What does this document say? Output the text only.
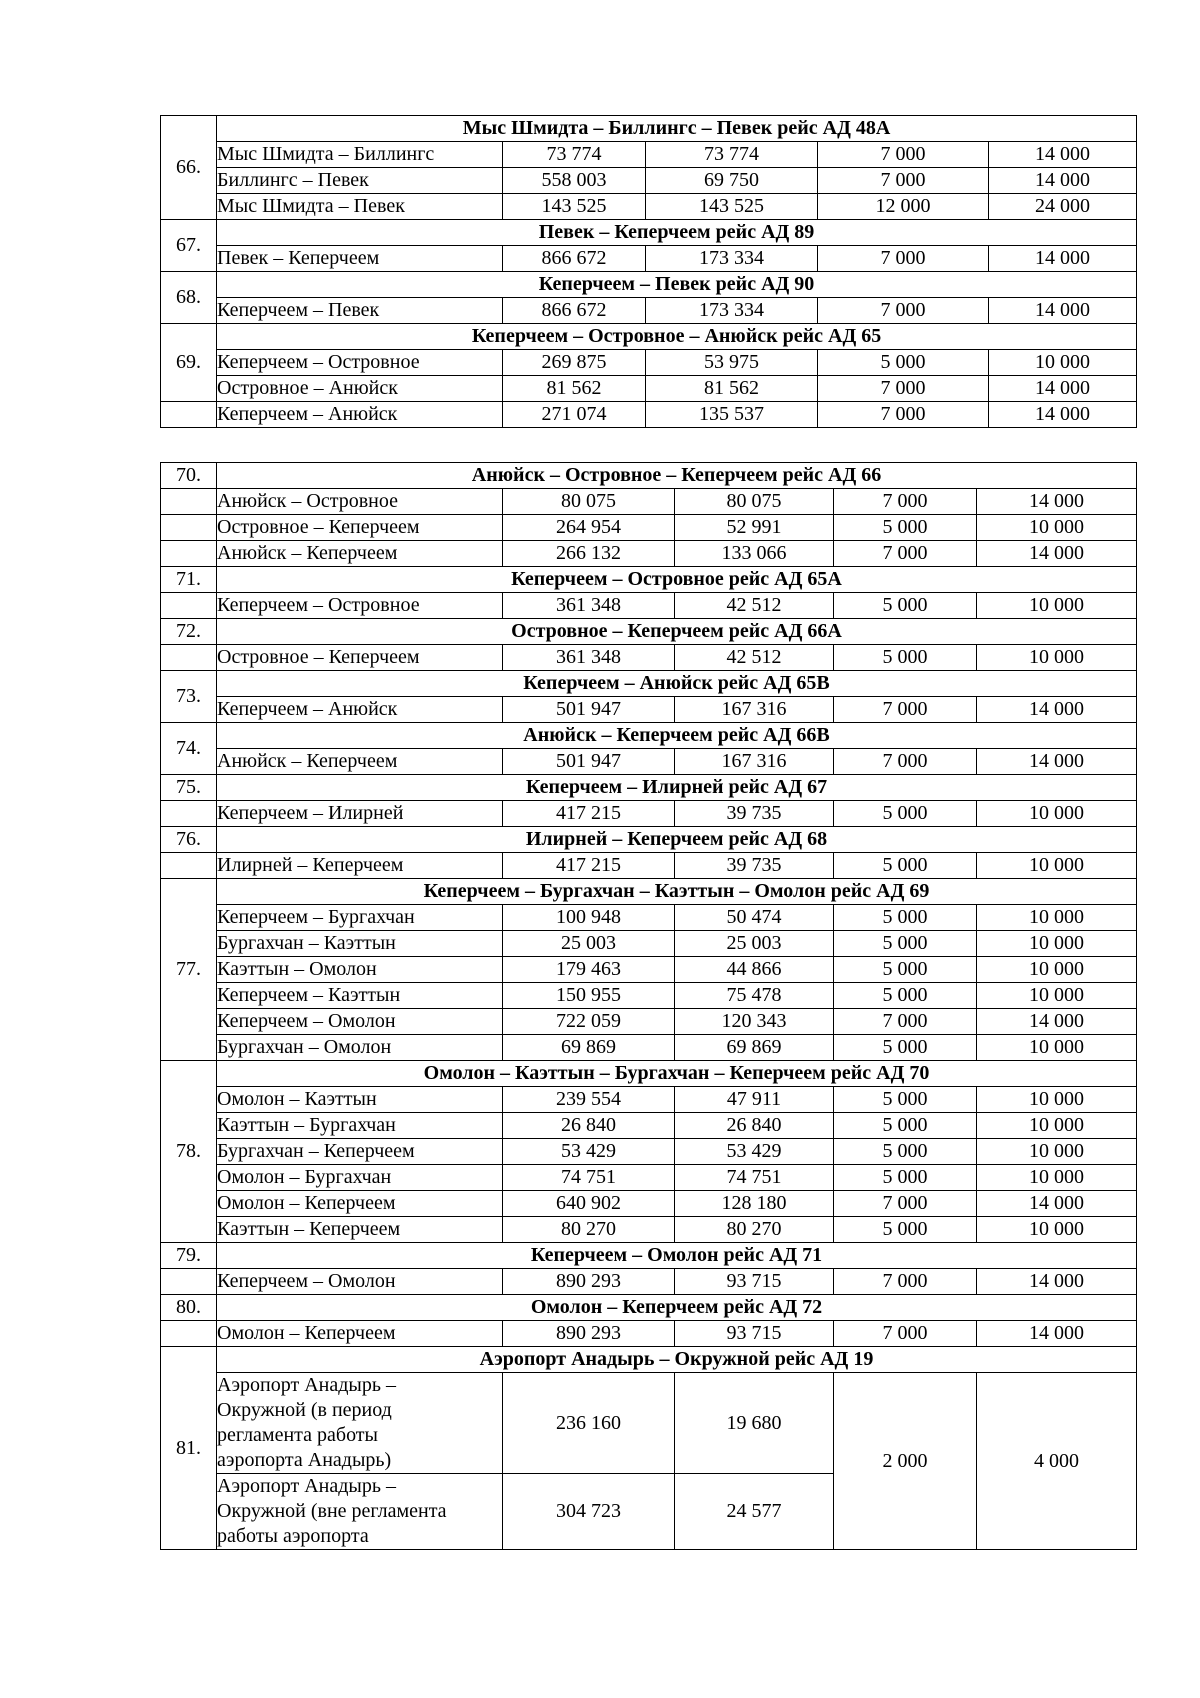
66.	Мыс Шмидта – Биллингс – Певек рейс АД 48А				
	Мыс Шмидта – Биллингс	73 774	73 774	7 000	14 000
	Биллингс – Певек	558 003	69 750	7 000	14 000
	Мыс Шмидта – Певек	143 525	143 525	12 000	24 000
67.	Певек – Кеперчеем рейс АД 89				
	Певек – Кеперчеем	866 672	173 334	7 000	14 000
68.	Кеперчеем – Певек рейс АД 90				
	Кеперчеем – Певек	866 672	173 334	7 000	14 000
69.	Кеперчеем – Островное – Анюйск рейс АД 65				
	Кеперчеем – Островное	269 875	53 975	5 000	10 000
	Островное – Анюйск	81 562	81 562	7 000	14 000
	Кеперчеем – Анюйск	271 074	135 537	7 000	14 000
70.	Анюйск – Островное – Кеперчеем рейс АД 66				
	Анюйск – Островное	80 075	80 075	7 000	14 000
	Островное – Кеперчеем	264 954	52 991	5 000	10 000
	Анюйск – Кеперчеем	266 132	133 066	7 000	14 000
71.	Кеперчеем – Островное рейс АД 65А				
	Кеперчеем – Островное	361 348	42 512	5 000	10 000
72.	Островное – Кеперчеем рейс АД 66А				
	Островное – Кеперчеем	361 348	42 512	5 000	10 000
73.	Кеперчеем – Анюйск рейс АД 65В				
	Кеперчеем – Анюйск	501 947	167 316	7 000	14 000
74.	Анюйск – Кеперчеем рейс АД 66В				
	Анюйск – Кеперчеем	501 947	167 316	7 000	14 000
75.	Кеперчеем – Илирней рейс АД 67				
	Кеперчеем – Илирней	417 215	39 735	5 000	10 000
76.	Илирней – Кеперчеем рейс АД 68				
	Илирней – Кеперчеем	417 215	39 735	5 000	10 000
77.	Кеперчеем – Бургахчан – Каэттын – Омолон рейс АД 69				
	Кеперчеем – Бургахчан	100 948	50 474	5 000	10 000
	Бургахчан – Каэттын	25 003	25 003	5 000	10 000
	Каэттын – Омолон	179 463	44 866	5 000	10 000
	Кеперчеем – Каэттын	150 955	75 478	5 000	10 000
	Кеперчеем – Омолон	722 059	120 343	7 000	14 000
	Бургахчан – Омолон	69 869	69 869	5 000	10 000
78.	Омолон – Каэттын – Бургахчан – Кеперчеем рейс АД 70				
	Омолон – Каэттын	239 554	47 911	5 000	10 000
	Каэттын – Бургахчан	26 840	26 840	5 000	10 000
	Бургахчан – Кеперчеем	53 429	53 429	5 000	10 000
	Омолон – Бургахчан	74 751	74 751	5 000	10 000
	Омолон – Кеперчеем	640 902	128 180	7 000	14 000
	Каэттын – Кеперчеем	80 270	80 270	5 000	10 000
79.	Кеперчеем – Омолон рейс АД 71				
	Кеперчеем – Омолон	890 293	93 715	7 000	14 000
80.	Омолон – Кеперчеем рейс АД 72				
	Омолон – Кеперчеем	890 293	93 715	7 000	14 000
81.	Аэропорт Анадырь – Окружной рейс АД 19				

	Аэропорт Анадырь –
Окружной (в период
регламента работы
аэропорта Анадырь)	236 160	19 680	2 000	4 000

	Аэропорт Анадырь –
Окружной (вне регламента
работы аэропорта	304 723	24 577		
